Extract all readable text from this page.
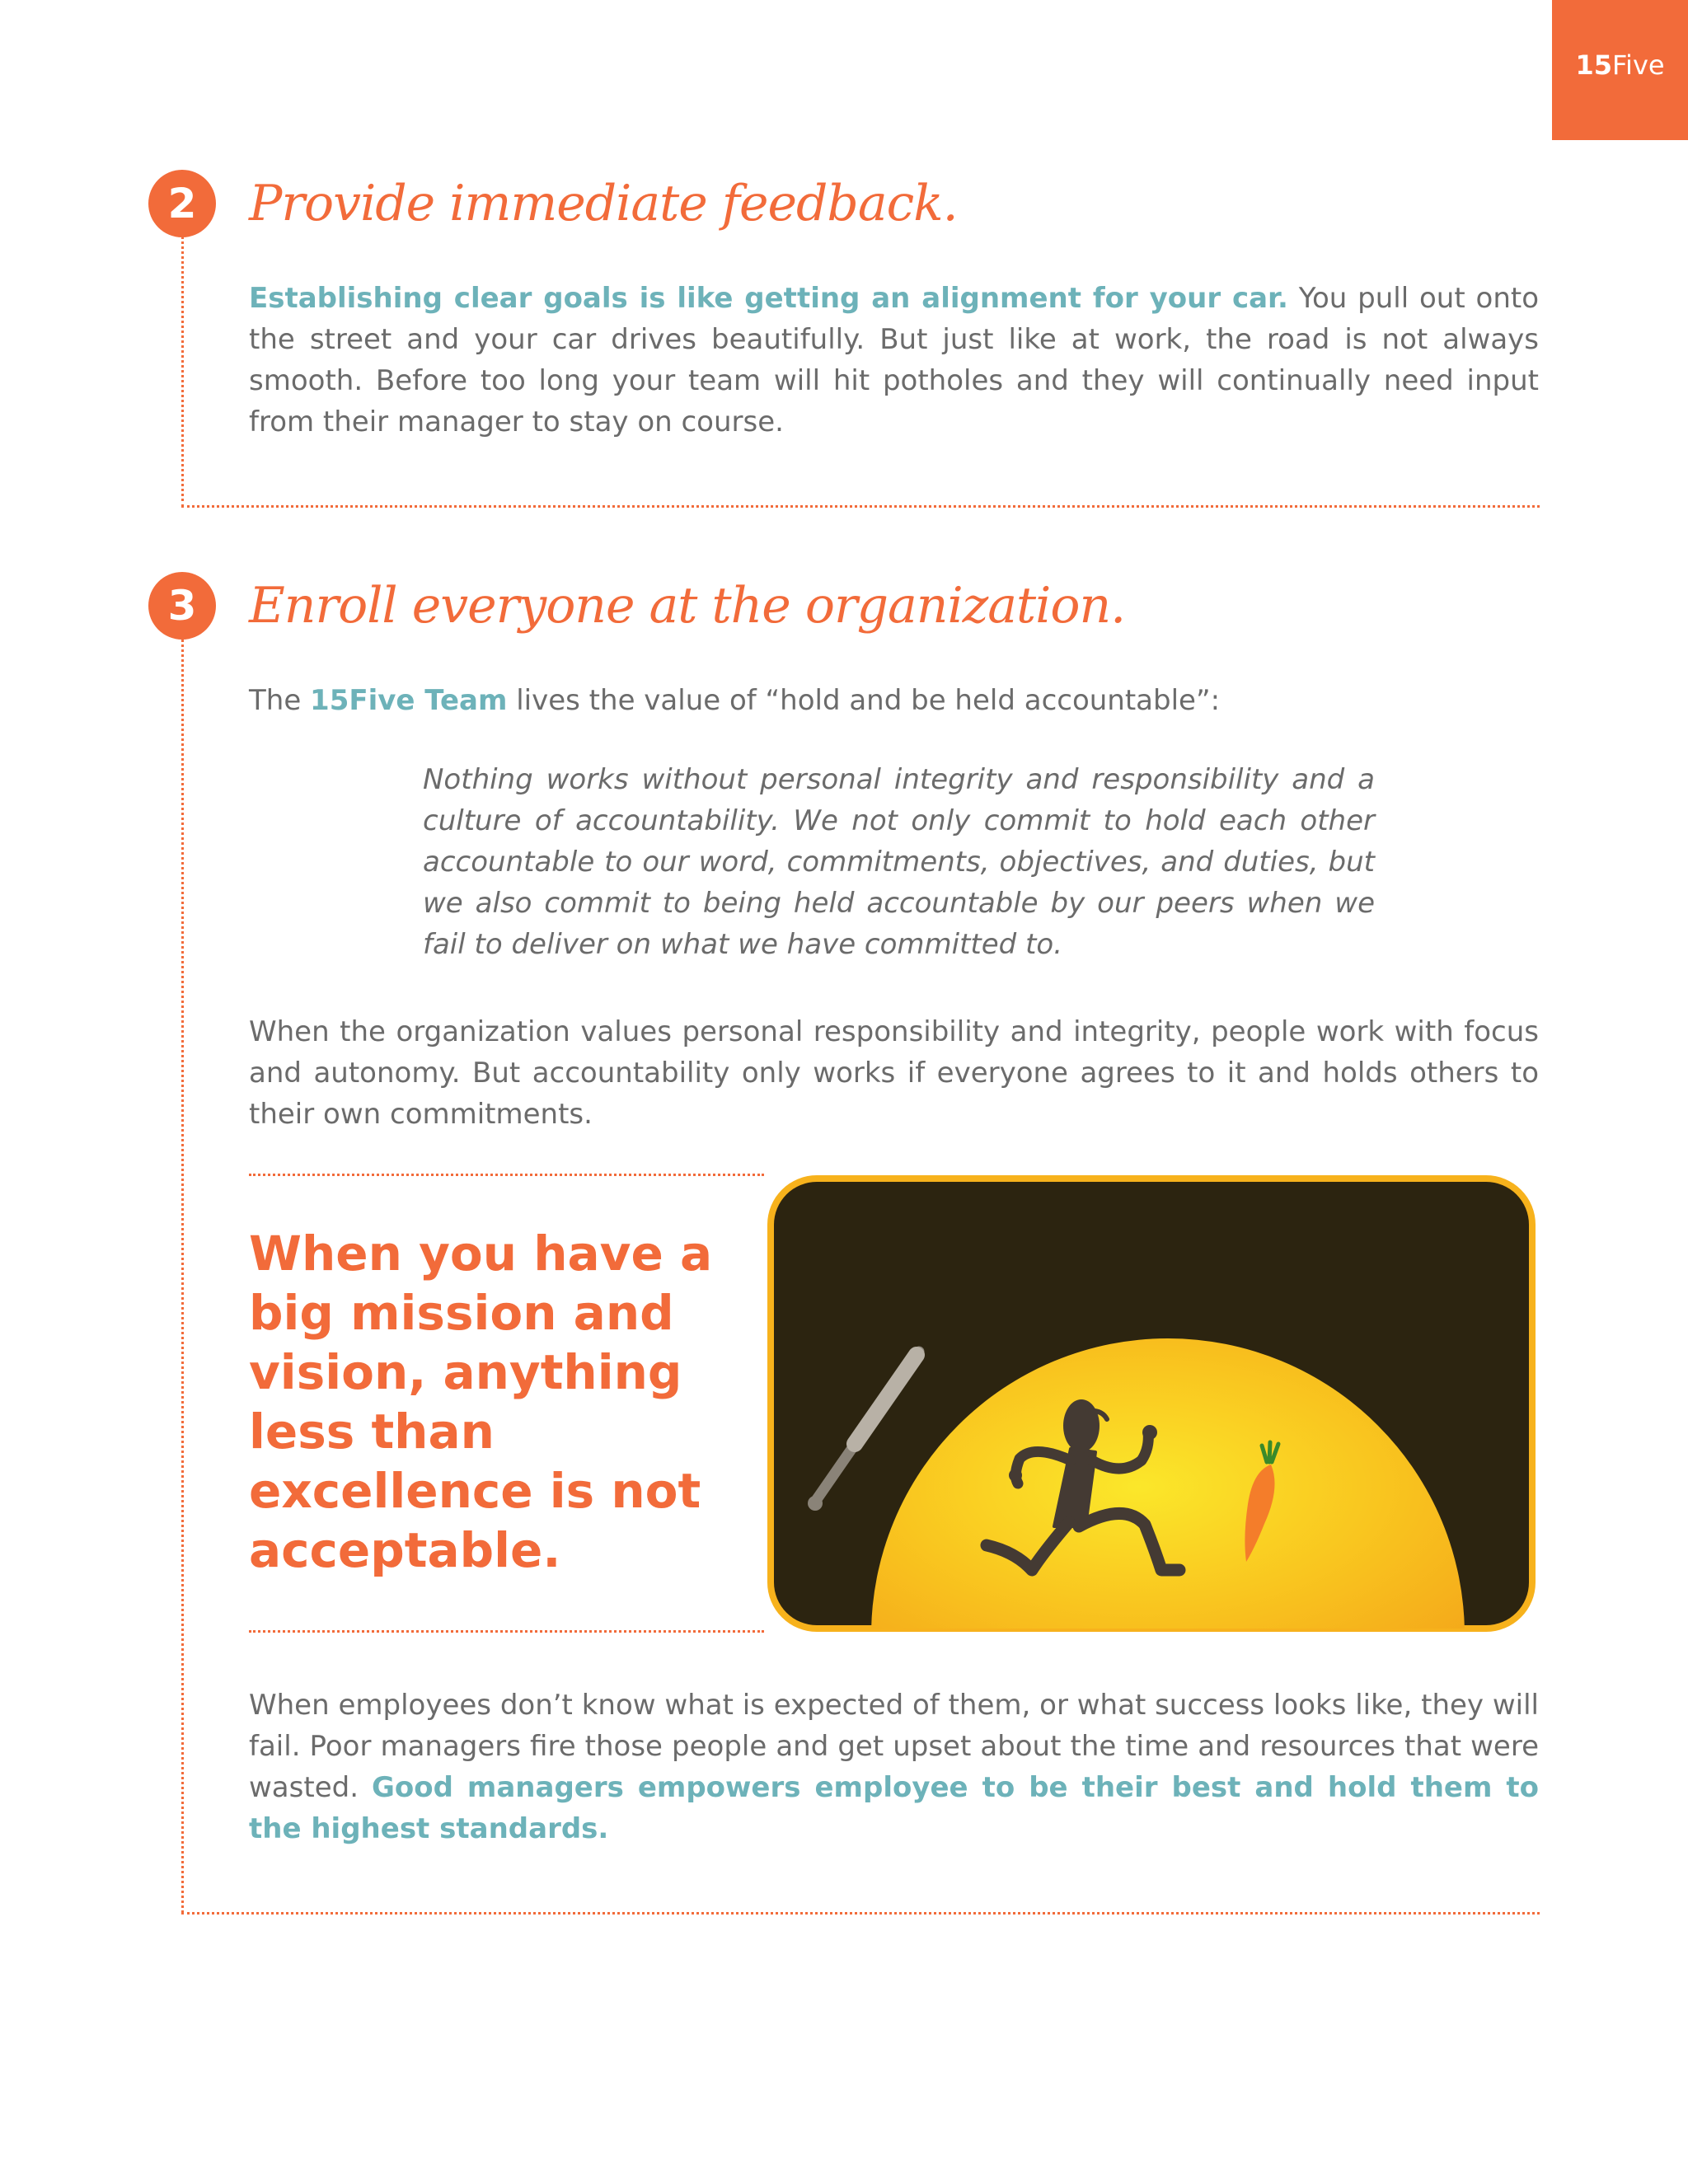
15 Five
2	Provide immediate feedback.

Establishing clear goals is like getting an alignment for your car. You pull out onto the street and your car drives beautifully. But just like at work, the road is not always smooth. Before too long your team will hit potholes and they will continually need input from their manager to stay on course.

3	Enroll everyone at the organization.

The 15Five Team lives the value of “hold and be held accountable”:

Nothing works without personal integrity and responsibility and a culture of accountability. We not only commit to hold each other accountable to our word, commitments, objectives, and duties, but we also commit to being held accountable by our peers when we fail to deliver on what we have committed to.

When the organization values personal responsibility and integrity, people work with focus and autonomy. But accountability only works if everyone agrees to it and holds others to their own commitments.

When you have a big mission and vision, anything less than excellence is not acceptable.

When employees don’t know what is expected of them, or what success looks like, they will fail. Poor managers fire those people and get upset about the time and resources that were wasted. Good managers empowers employee to be their best and hold them to the highest standards.
